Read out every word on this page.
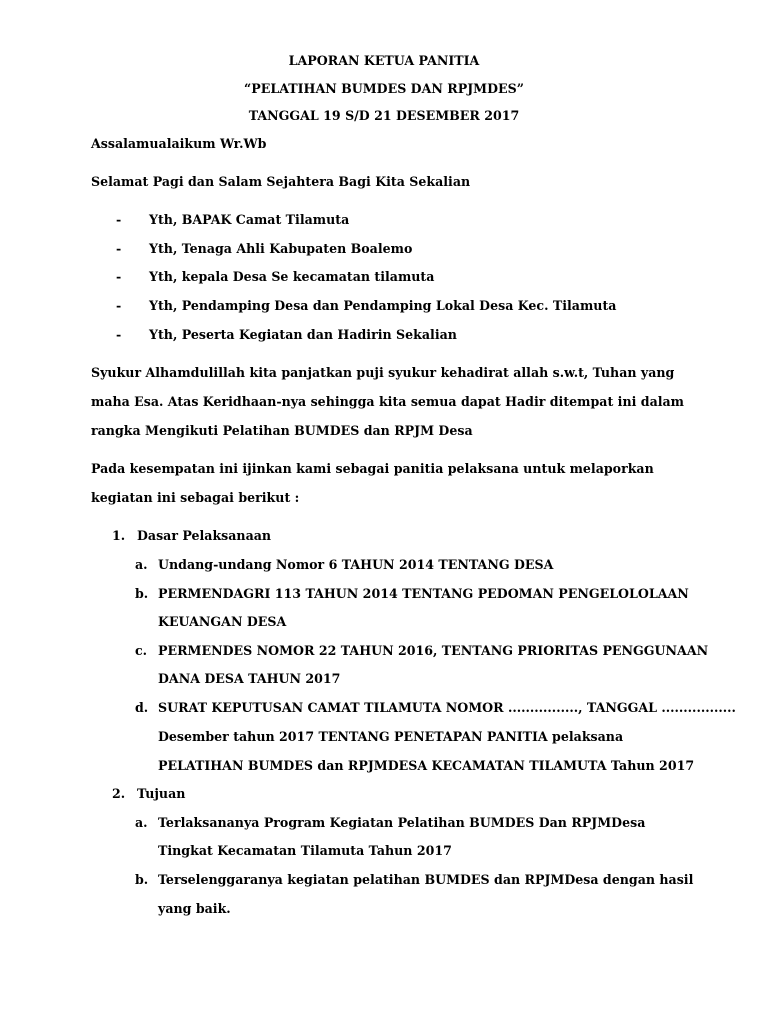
LAPORAN KETUA PANITIA
“PELATIHAN BUMDES DAN RPJMDES”
TANGGAL 19 S/D 21 DESEMBER 2017
Assalamualaikum Wr.Wb
Selamat Pagi dan Salam Sejahtera Bagi Kita Sekalian
- Yth, BAPAK Camat Tilamuta
- Yth, Tenaga Ahli Kabupaten Boalemo
- Yth, kepala Desa Se kecamatan tilamuta
- Yth, Pendamping Desa dan Pendamping Lokal Desa Kec. Tilamuta
- Yth, Peserta Kegiatan dan Hadirin Sekalian
Syukur Alhamdulillah kita panjatkan puji syukur kehadirat allah s.w.t, Tuhan yang
maha Esa. Atas Keridhaan-nya sehingga kita semua dapat Hadir ditempat ini dalam
rangka Mengikuti Pelatihan BUMDES dan RPJM Desa
Pada kesempatan ini ijinkan kami sebagai panitia pelaksana untuk melaporkan
kegiatan ini sebagai berikut :
1. Dasar Pelaksanaan
a. Undang-undang Nomor 6 TAHUN 2014 TENTANG DESA
b. PERMENDAGRI 113 TAHUN 2014 TENTANG PEDOMAN PENGELOLOLAAN
KEUANGAN DESA
c. PERMENDES NOMOR 22 TAHUN 2016, TENTANG PRIORITAS PENGGUNAAN
DANA DESA TAHUN 2017
d. SURAT KEPUTUSAN CAMAT TILAMUTA NOMOR ................, TANGGAL .................
Desember tahun 2017 TENTANG PENETAPAN PANITIA pelaksana
PELATIHAN BUMDES dan RPJMDESA KECAMATAN TILAMUTA Tahun 2017
2. Tujuan
a. Terlaksananya Program Kegiatan Pelatihan BUMDES Dan RPJMDesa
Tingkat Kecamatan Tilamuta Tahun 2017
b. Terselenggaranya kegiatan pelatihan BUMDES dan RPJMDesa dengan hasil
yang baik.
